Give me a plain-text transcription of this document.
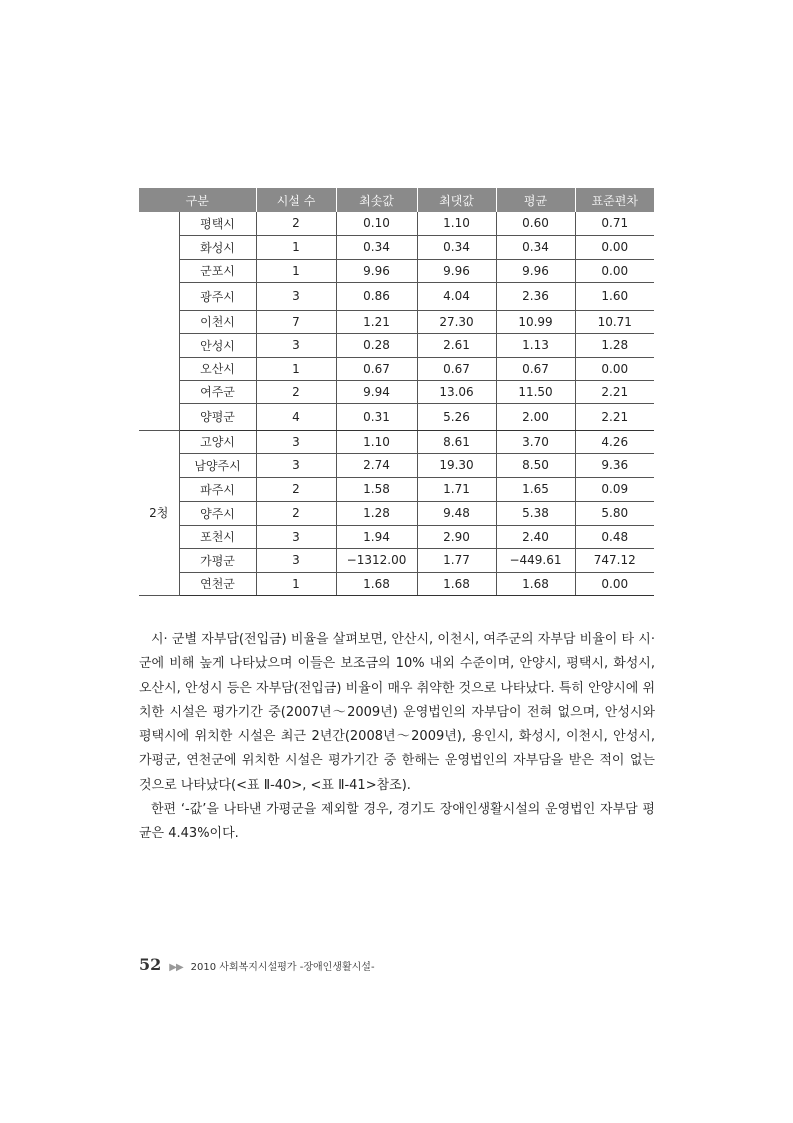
구분		시설 수	최솟값	최댓값	평균	표준편차
	평택시	2	0.10	1.10	0.60	0.71
	화성시	1	0.34	0.34	0.34	0.00
	군포시	1	9.96	9.96	9.96	0.00
	광주시	3	0.86	4.04	2.36	1.60
	이천시	7	1.21	27.30	10.99	10.71
	안성시	3	0.28	2.61	1.13	1.28
	오산시	1	0.67	0.67	0.67	0.00
	여주군	2	9.94	13.06	11.50	2.21
	양평군	4	0.31	5.26	2.00	2.21
2청	고양시	3	1.10	8.61	3.70	4.26
	남양주시	3	2.74	19.30	8.50	9.36
	파주시	2	1.58	1.71	1.65	0.09
	양주시	2	1.28	9.48	5.38	5.80
	포천시	3	1.94	2.90	2.40	0.48
	가평군	3	−1312.00	1.77	−449.61	747.12
	연천군	1	1.68	1.68	1.68	0.00

시· 군별 자부담(전입금) 비율을 살펴보면, 안산시, 이천시, 여주군의 자부담 비율이 타 시· 군에 비해 높게 나타났으며 이들은 보조금의 10% 내외 수준이며, 안양시, 평택시, 화성시, 오산시, 안성시 등은 자부담(전입금) 비율이 매우 취약한 것으로 나타났다. 특히 안양시에 위치한 시설은 평가기간 중(2007년～2009년) 운영법인의 자부담이 전혀 없으며, 안성시와 평택시에 위치한 시설은 최근 2년간(2008년～2009년), 용인시, 화성시, 이천시, 안성시, 가평군, 연천군에 위치한 시설은 평가기간 중 한해는 운영법인의 자부담을 받은 적이 없는 것으로 나타났다(<표 Ⅱ-40>, <표 Ⅱ-41>참조).

한편 ‘-값’을 나타낸 가평군을 제외할 경우, 경기도 장애인생활시설의 운영법인 자부담 평균은 4.43%이다.

52 ▶▶ 2010 사회복지시설평가 -장애인생활시설-
